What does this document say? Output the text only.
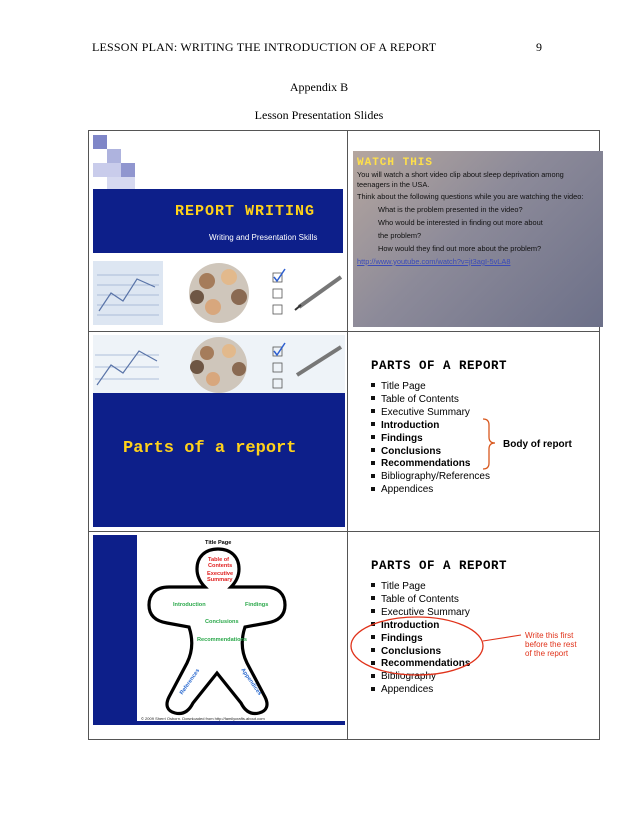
LESSON PLAN: WRITING THE INTRODUCTION OF A REPORT	9
Appendix B
Lesson Presentation Slides
REPORT WRITING
Writing and Presentation Skills
WATCH THIS

You will watch a short video clip about sleep deprivation among teenagers in the USA.

Think about the following questions while you are watching the video:

What is the problem presented in the video?

Who would be interested in finding out more about

the problem?

How would they find out more about the problem?

http://www.youtube.com/watch?v=jt3agI-5vLA8

Parts of a report
PARTS OF A REPORT
Title Page
Table of Contents
Executive Summary
Introduction
Findings
Conclusions
Recommendations
Bibliography/References
Appendices
Body of report
Title Page
Table of
Contents
Executive
Summary
Introduction	Findings
Conclusions
Recommendations
References	Appendices
© 2009 Sherri Osborn. Downloaded from http://familycrafts.about.com
PARTS OF A REPORT
Title Page
Table of Contents
Executive Summary
Introduction
Findings
Conclusions
Recommendations
Bibliography
Appendices
Write this first
before the rest
of the report
